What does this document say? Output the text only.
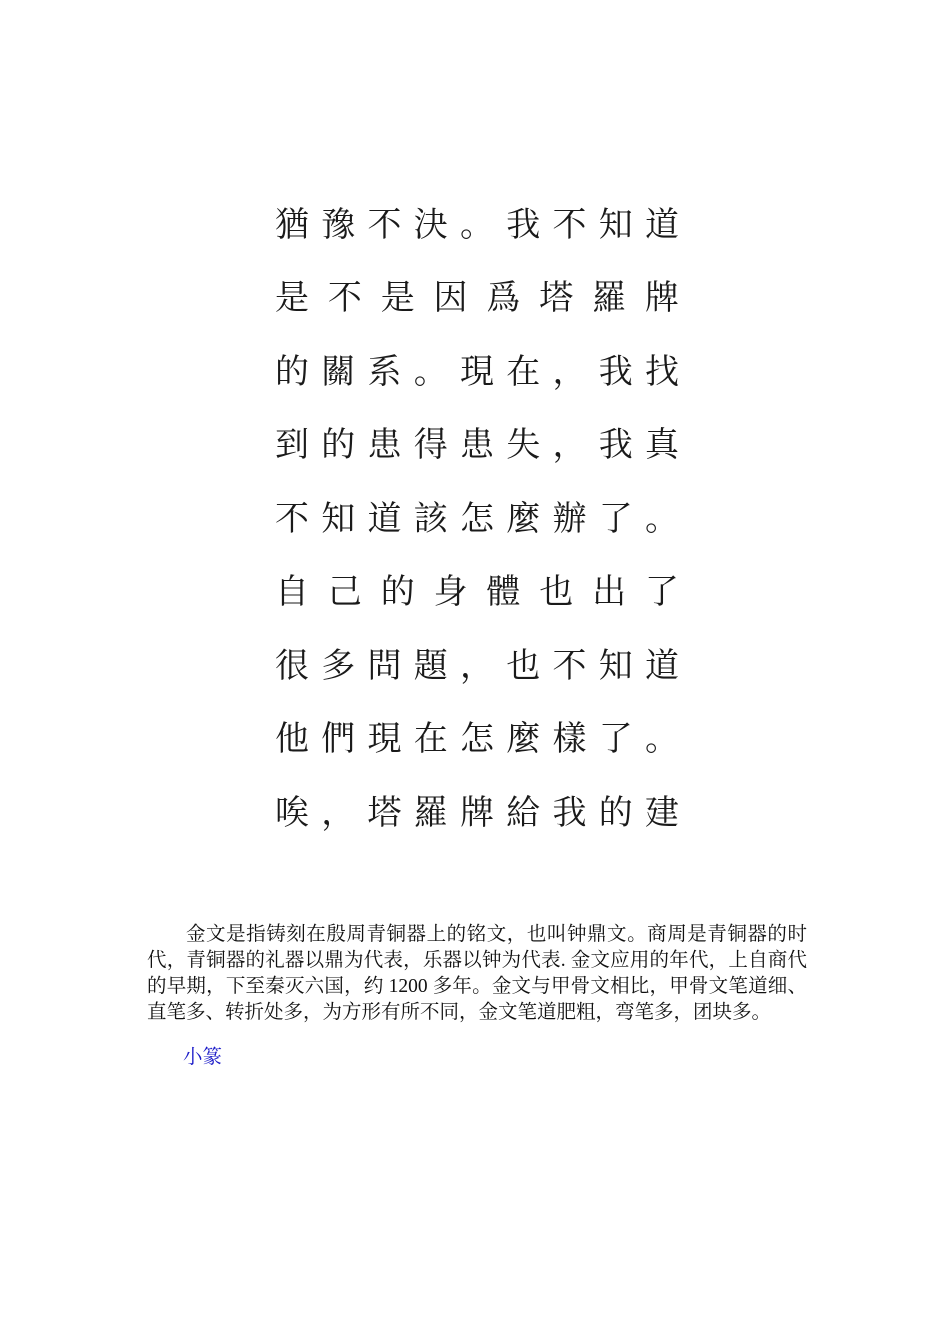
猶 豫 不 決 。 我 不 知 道
是 不 是 因 爲 塔 羅 牌
的 關 系 。 現 在 ， 我 找
到 的 患 得 患 失 ， 我 真
不 知 道 該 怎 麼 辦 了 。
自 己 的 身 體 也 出 了
很 多 問 題 ， 也 不 知 道
他 們 現 在 怎 麼 樣 了 。
唉 ， 塔 羅 牌 給 我 的 建

金文是指铸刻在殷周青铜器上的铭文，也叫钟鼎文。商周是青铜器的时代，青铜器的礼器以鼎为代表，乐器以钟为代表. 金文应用的年代，上自商代的早期，下至秦灭六国，约 1200 多年。金文与甲骨文相比，甲骨文笔道细、直笔多、转折处多，为方形有所不同，金文笔道肥粗，弯笔多，团块多。

小篆
